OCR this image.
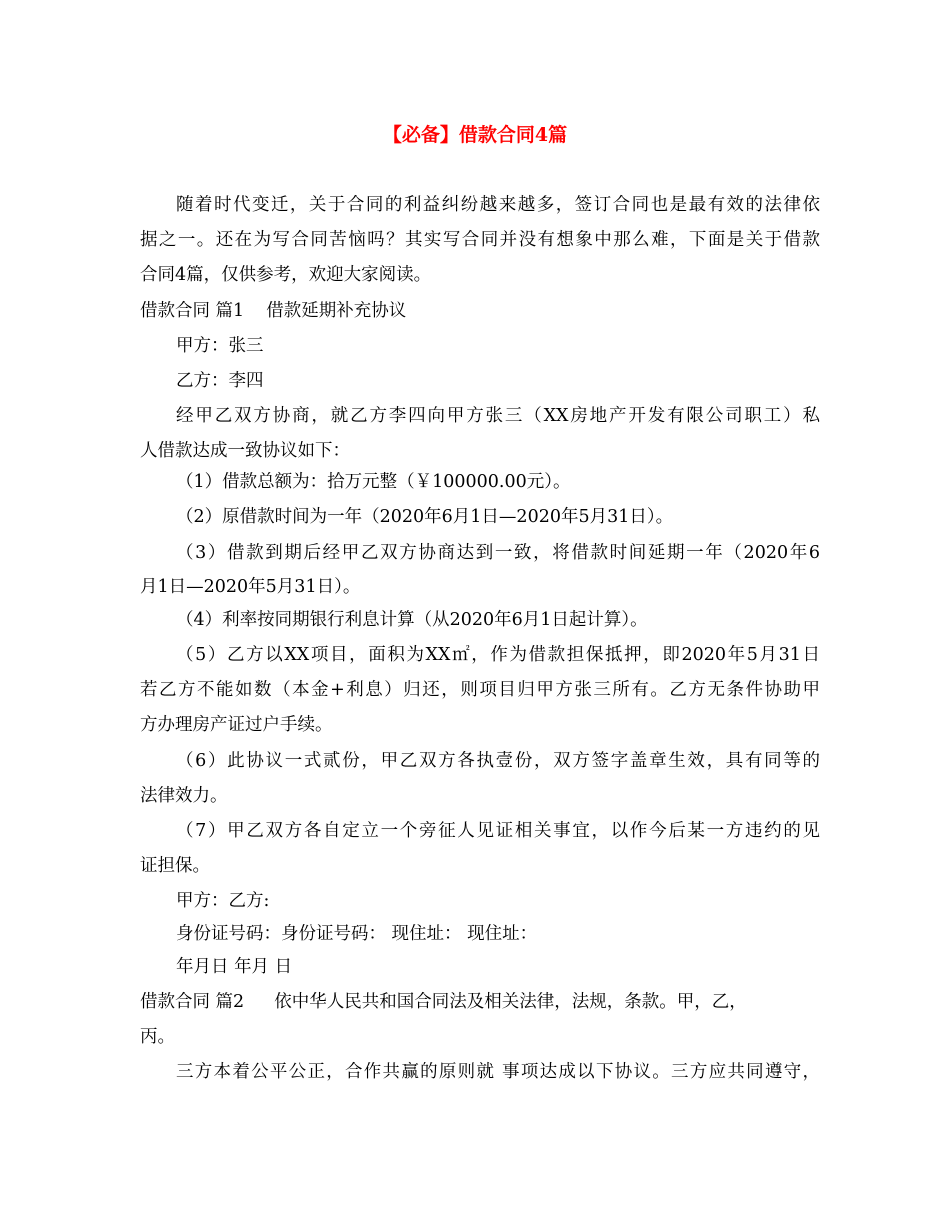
【必备】借款合同4篇

随着时代变迁，关于合同的利益纠纷越来越多，签订合同也是最有效的法律依

据之一。还在为写合同苦恼吗？其实写合同并没有想象中那么难，下面是关于借款

合同4篇，仅供参考，欢迎大家阅读。

借款合同 篇1 借款延期补充协议

甲方：张三

乙方：李四

经甲乙双方协商，就乙方李四向甲方张三（XX房地产开发有限公司职工）私

人借款达成一致协议如下：

（1）借款总额为：拾万元整（￥100000.00元）。

（2）原借款时间为一年（2020年6月1日—2020年5月31日）。

（3）借款到期后经甲乙双方协商达到一致，将借款时间延期一年（2020年6

月1日—2020年5月31日）。

（4）利率按同期银行利息计算（从2020年6月1日起计算）。

（5）乙方以XX项目，面积为XX㎡，作为借款担保抵押，即2020年5月31日

若乙方不能如数（本金+利息）归还，则项目归甲方张三所有。乙方无条件协助甲

方办理房产证过户手续。

（6）此协议一式贰份，甲乙双方各执壹份，双方签字盖章生效，具有同等的

法律效力。

（7）甲乙双方各自定立一个旁征人见证相关事宜，以作今后某一方违约的见

证担保。

甲方：乙方:

身份证号码：身份证号码： 现住址： 现住址：

年月日 年月 日

借款合同 篇2 依中华人民共和国合同法及相关法律，法规，条款。甲，乙，

丙。

三方本着公平公正，合作共赢的原则就 事项达成以下协议。三方应共同遵守，
